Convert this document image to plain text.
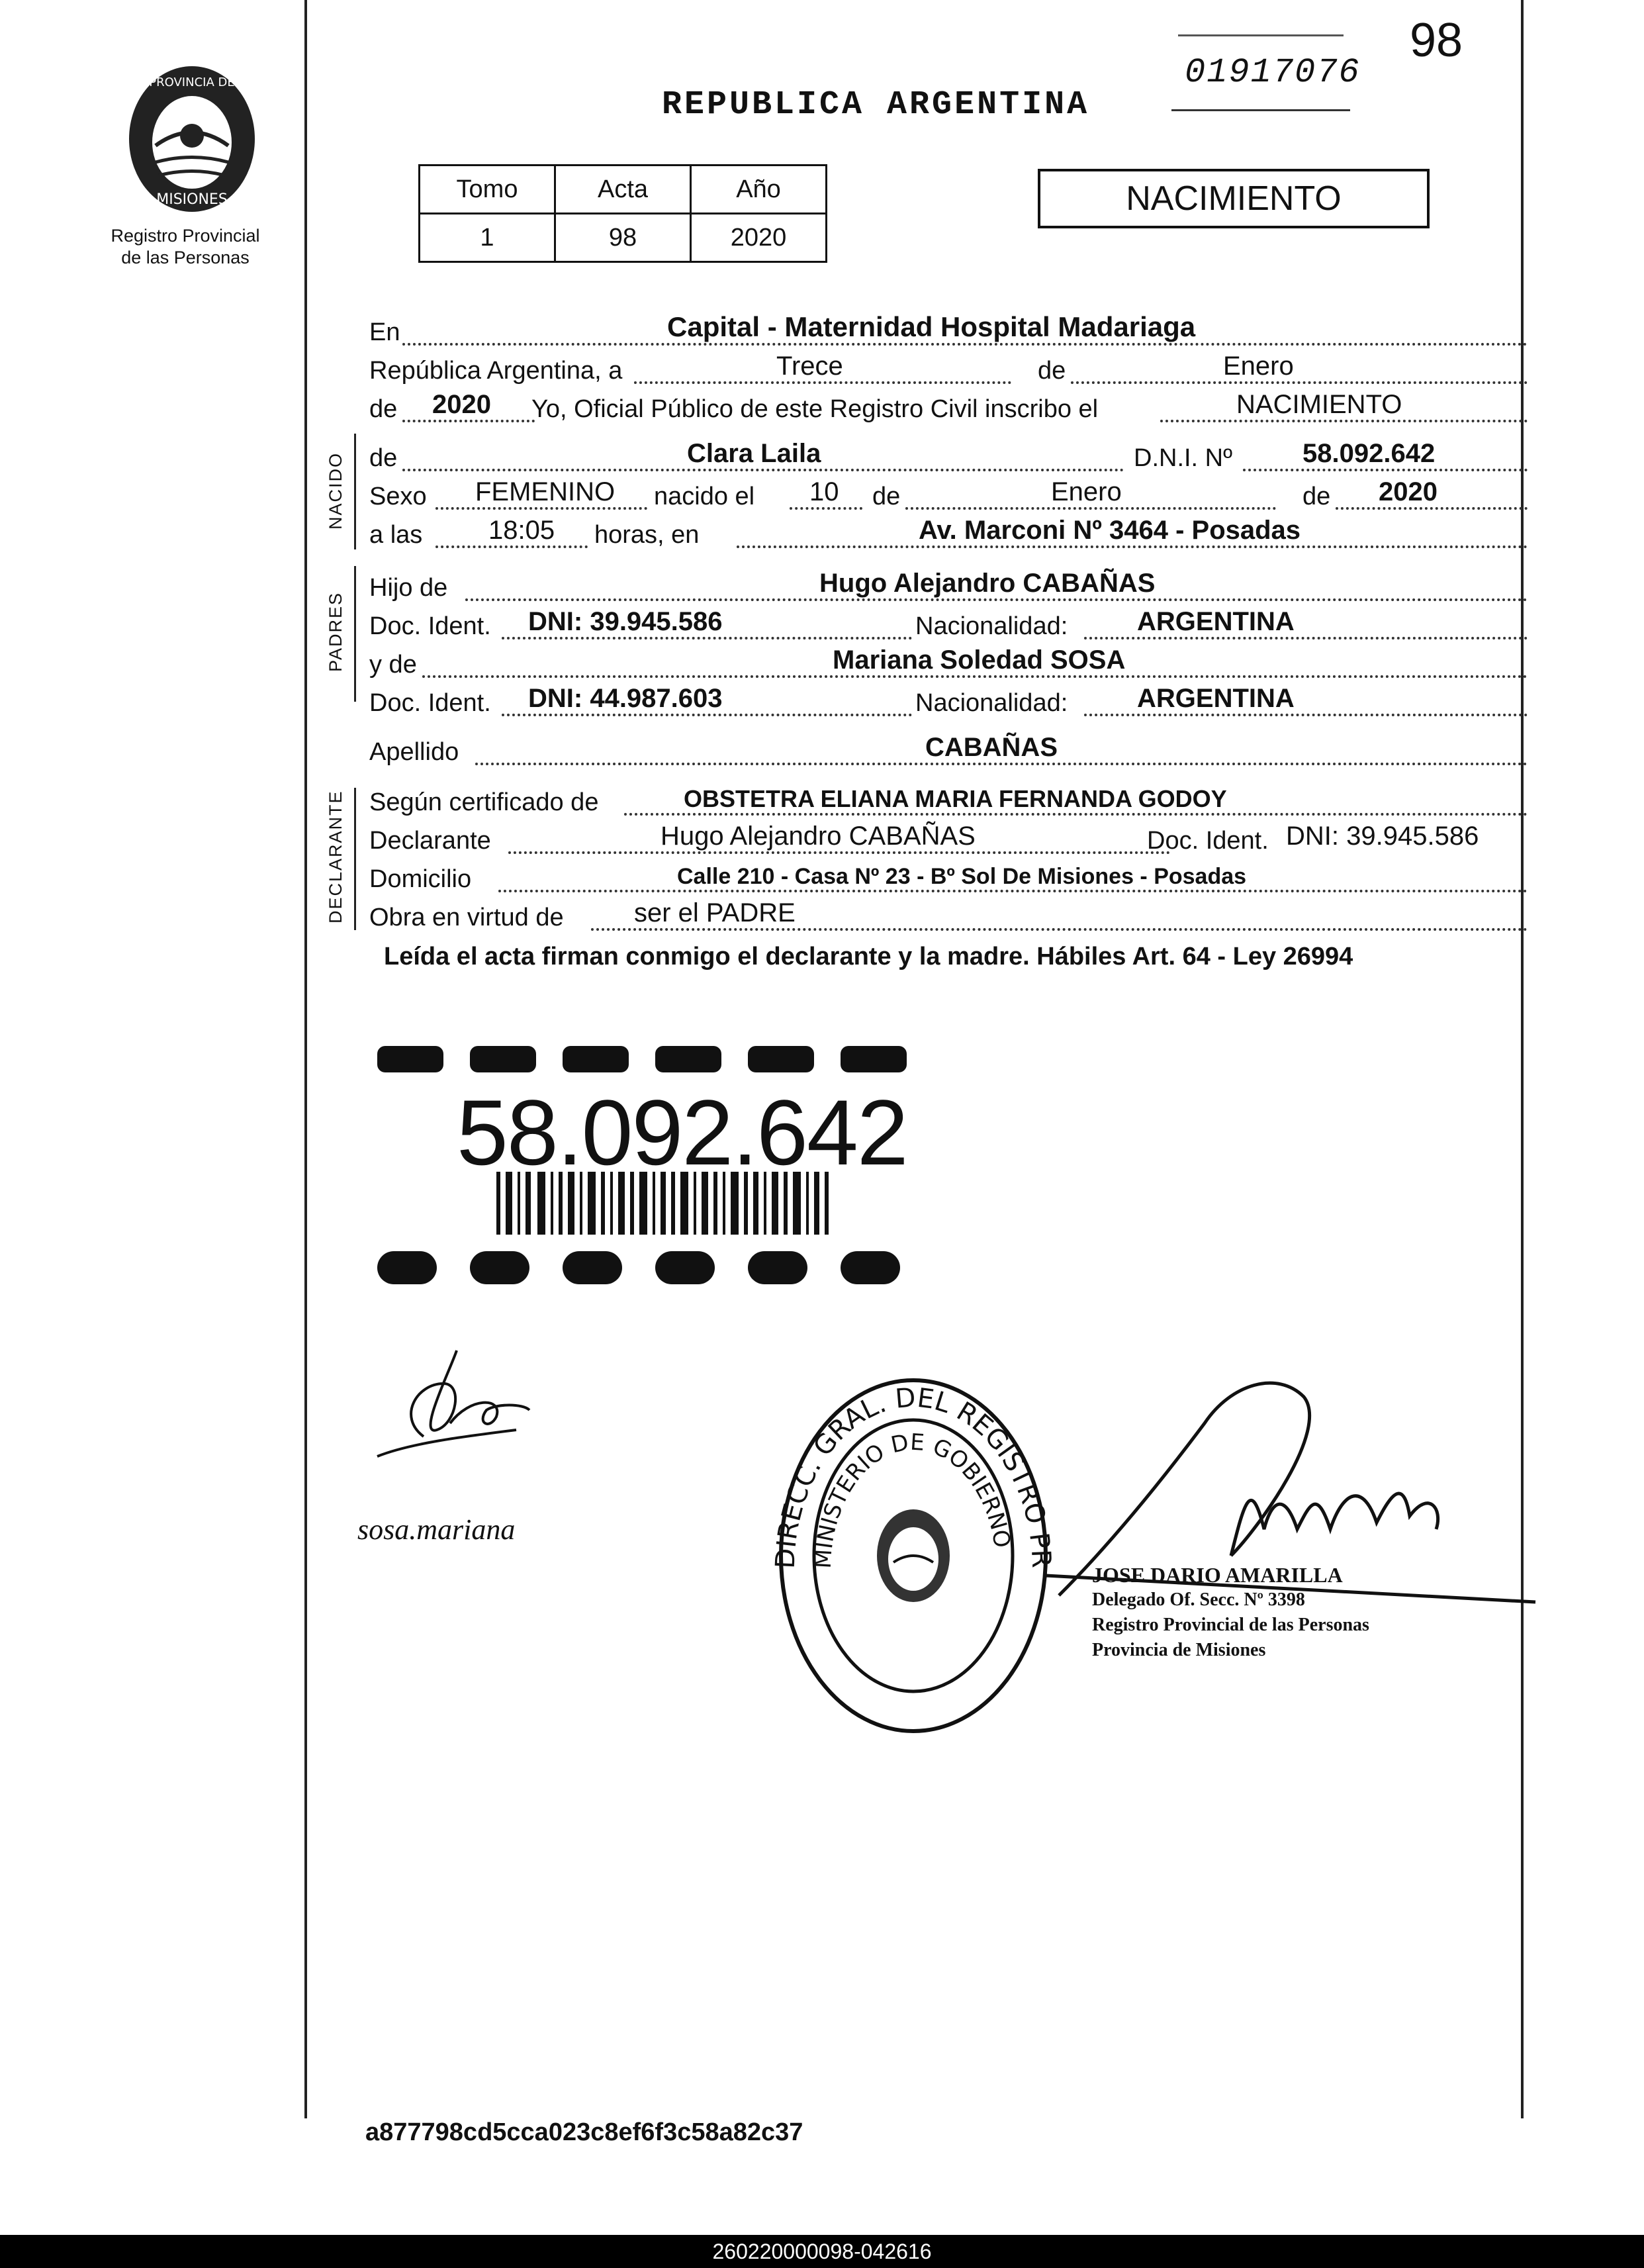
PROVINCIA DE
MISIONES
Registro Provincial
de las Personas
98
01917076
REPUBLICA ARGENTINA
Tomo	Acta	Año
1	98	2020
NACIMIENTO
En	Capital - Maternidad Hospital Madariaga
República Argentina, a	Trece	de	Enero
de 2020 Yo, Oficial Público de este Registro Civil inscribo el	NACIMIENTO
NACIDO de	Clara Laila	D.N.I. Nº	58.092.642
Sexo FEMENINO nacido el 10 de	Enero	de 2020
a las 18:05 horas, en	Av. Marconi Nº 3464 - Posadas
PADRES
Hijo de	Hugo Alejandro CABAÑAS
Doc. Ident. DNI: 39.945.586	Nacionalidad:	ARGENTINA
y de	Mariana Soledad SOSA
Doc. Ident. DNI: 44.987.603	Nacionalidad:	ARGENTINA
Apellido	CABAÑAS
DECLARANTE Según certificado de	OBSTETRA ELIANA MARIA FERNANDA GODOY
Declarante	Hugo Alejandro CABAÑAS	Doc. Ident. DNI: 39.945.586
Domicilio	Calle 210 - Casa Nº 23 - Bº Sol De Misiones - Posadas
Obra en virtud de	ser el PADRE
Leída el acta firman conmigo el declarante y la madre. Hábiles Art. 64 - Ley 26994
58.092.642
sosa.mariana	IRECC. GRAL. DEL REGISTRO P
MINISTERIO DE GOBIERNO
JOSE DARIO AMARILLA
Delegado Of. Secc. Nº 3398
Registro Provincial de las Personas
Provincia de Misiones
a877798cd5cca023c8ef6f3c58a82c37
260220000098-042616
